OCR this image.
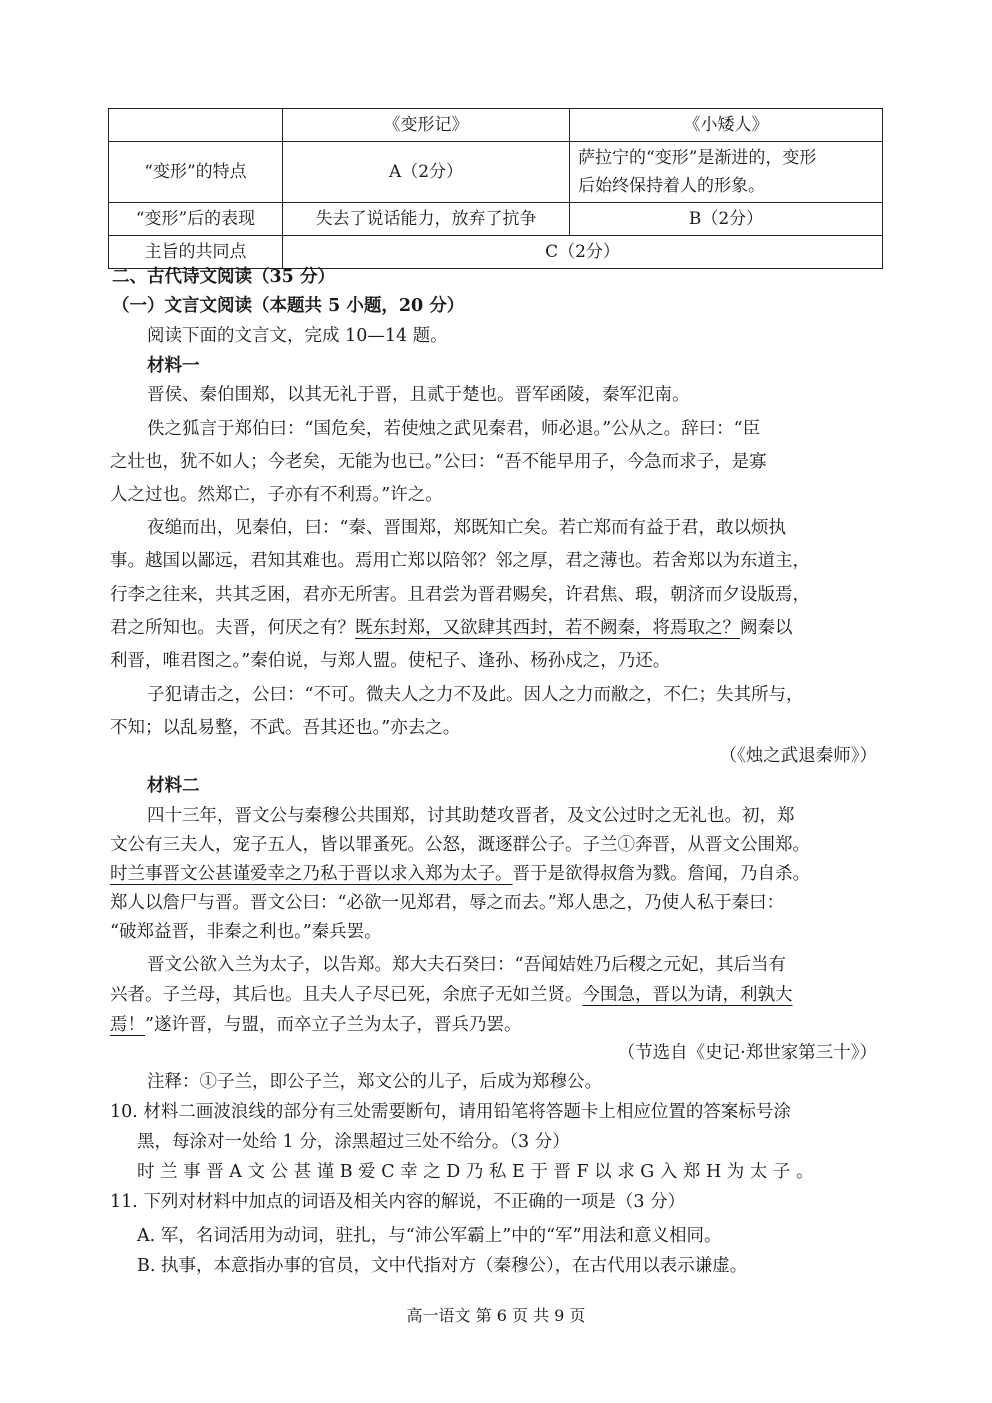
	《变形记》	《小矮人》
“变形”的特点	A（2分）	萨拉宁的“变形”是渐进的，变形
后始终保持着人的形象。
“变形”后的表现	失去了说话能力，放弃了抗争	B（2分）
主旨的共同点	C（2分）	
二、古代诗文阅读（35 分）
（一）文言文阅读（本题共 5 小题，20 分）
阅读下面的文言文，完成 10—14 题。
材料一
晋侯、秦伯围郑，以其无礼于晋，且贰于楚也。晋军函陵，秦军氾南。
佚之狐言于郑伯曰：“国危矣，若使烛之武见秦君，师必退。”公从之。辞曰：“臣
之壮也，犹不如人；今老矣，无能为也已。”公曰：“吾不能早用子，今急而求子，是寡
人之过也。然郑亡，子亦有不利焉。”许之。
夜缒而出，见秦伯，曰：“秦、晋围郑，郑既知亡矣。若亡郑而有益于君，敢以烦执
事。越国以鄙远，君知其难也。焉用亡郑以陪邻？邻之厚，君之薄也。若舍郑以为东道主，
行李之往来，共其乏困，君亦无所害。且君尝为晋君赐矣，许君焦、瑕，朝济而夕设版焉，
君之所知也。夫晋，何厌之有？既东封郑，又欲肆其西封，若不阙秦，将焉取之？阙秦以
利晋，唯君图之。”秦伯说，与郑人盟。使杞子、逢孙、杨孙戍之，乃还。
子犯请击之，公曰：“不可。微夫人之力不及此。因人之力而敝之，不仁；失其所与，
不知；以乱易整，不武。吾其还也。”亦去之。
（《烛之武退秦师》）
材料二
四十三年，晋文公与秦穆公共围郑，讨其助楚攻晋者，及文公过时之无礼也。初，郑
文公有三夫人，宠子五人，皆以罪蚤死。公怒，溉逐群公子。子兰①奔晋，从晋文公围郑。
时兰事晋文公甚谨爱幸之乃私于晋以求入郑为太子。晋于是欲得叔詹为戮。詹闻，乃自杀。
郑人以詹尸与晋。晋文公曰：“必欲一见郑君，辱之而去。”郑人患之，乃使人私于秦曰：
“破郑益晋，非秦之利也。”秦兵罢。
晋文公欲入兰为太子，以告郑。郑大夫石癸曰：“吾闻姞姓乃后稷之元妃，其后当有
兴者。子兰母，其后也。且夫人子尽已死，余庶子无如兰贤。今围急，晋以为请，利孰大
焉！”遂许晋，与盟，而卒立子兰为太子，晋兵乃罢。
（节选自《史记·郑世家第三十》）
注释：①子兰，即公子兰，郑文公的儿子，后成为郑穆公。
10. 材料二画波浪线的部分有三处需要断句，请用铅笔将答题卡上相应位置的答案标号涂
黑，每涂对一处给 1 分，涂黑超过三处不给分。（3 分）
时 兰 事 晋 A 文 公 甚 谨 B 爱 C 幸 之 D 乃 私 E 于 晋 F 以 求 G 入 郑 H 为 太 子 。
11. 下列对材料中加点的词语及相关内容的解说，不正确的一项是（3 分）
A. 军，名词活用为动词，驻扎，与“沛公军霸上”中的“军”用法和意义相同。
B. 执事，本意指办事的官员，文中代指对方（秦穆公），在古代用以表示谦虚。
高一语文 第 6 页 共 9 页
